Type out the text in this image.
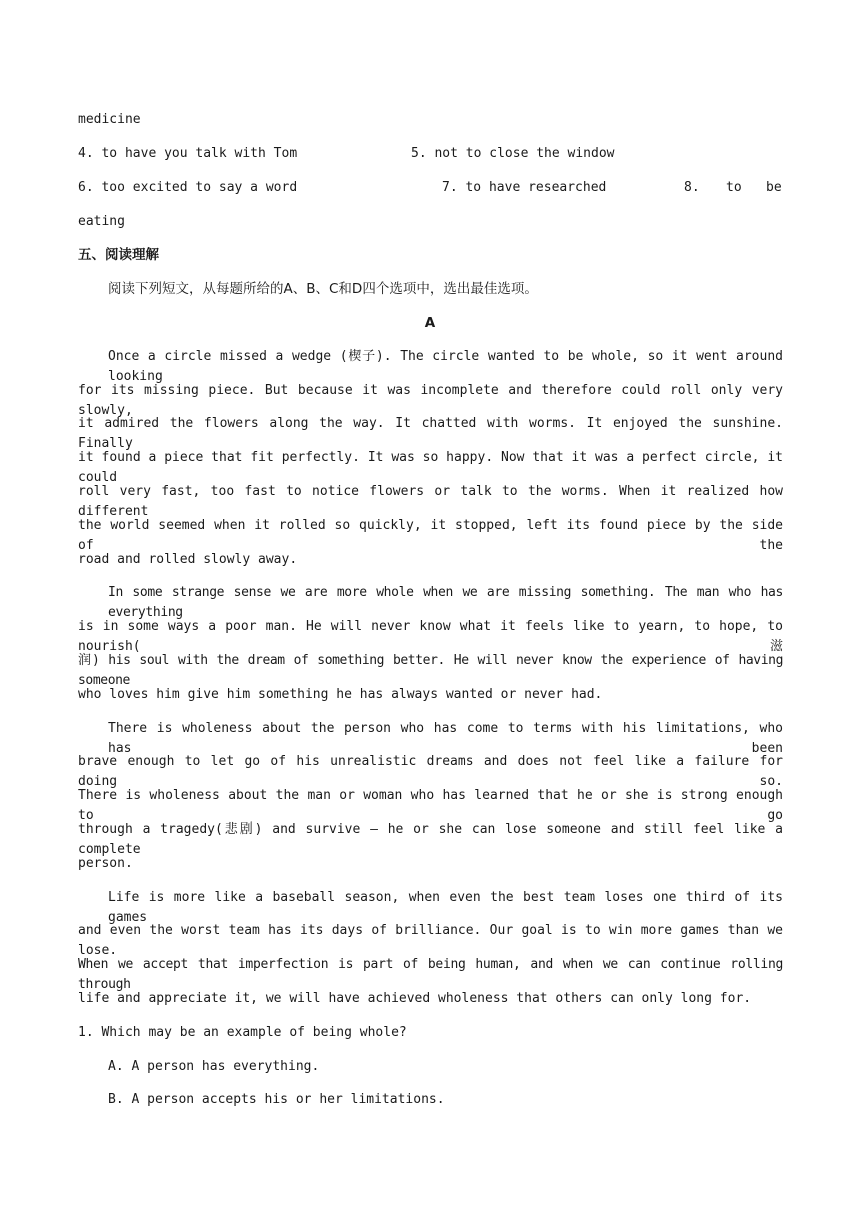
medicine
4. to have you talk with Tom	5. not to close the window
6. too excited to say a word	7. to have researched	8. to be
eating
五、阅读理解
阅读下列短文，从每题所给的A、B、C和D四个选项中，选出最佳选项。
A
Once a circle missed a wedge (楔子). The circle wanted to be whole, so it went around looking
for its missing piece. But because it was incomplete and therefore could roll only very slowly,
it admired the flowers along the way. It chatted with worms. It enjoyed the sunshine. Finally
it found a piece that fit perfectly. It was so happy. Now that it was a perfect circle, it could
roll very fast, too fast to notice flowers or talk to the worms. When it realized how different
the world seemed when it rolled so quickly, it stopped, left its found piece by the side of the
road and rolled slowly away.
In some strange sense we are more whole when we are missing something. The man who has everything
is in some ways a poor man. He will never know what it feels like to yearn, to hope, to nourish(滋
润) his soul with the dream of something better. He will never know the experience of having someone
who loves him give him something he has always wanted or never had.
There is wholeness about the person who has come to terms with his limitations, who has been
brave enough to let go of his unrealistic dreams and does not feel like a failure for doing so.
There is wholeness about the man or woman who has learned that he or she is strong enough to go
through a tragedy(悲剧) and survive — he or she can lose someone and still feel like a complete
person.
Life is more like a baseball season, when even the best team loses one third of its games
and even the worst team has its days of brilliance. Our goal is to win more games than we lose.
When we accept that imperfection is part of being human, and when we can continue rolling through
life and appreciate it, we will have achieved wholeness that others can only long for.
1. Which may be an example of being whole?
A. A person has everything.
B. A person accepts his or her limitations.
